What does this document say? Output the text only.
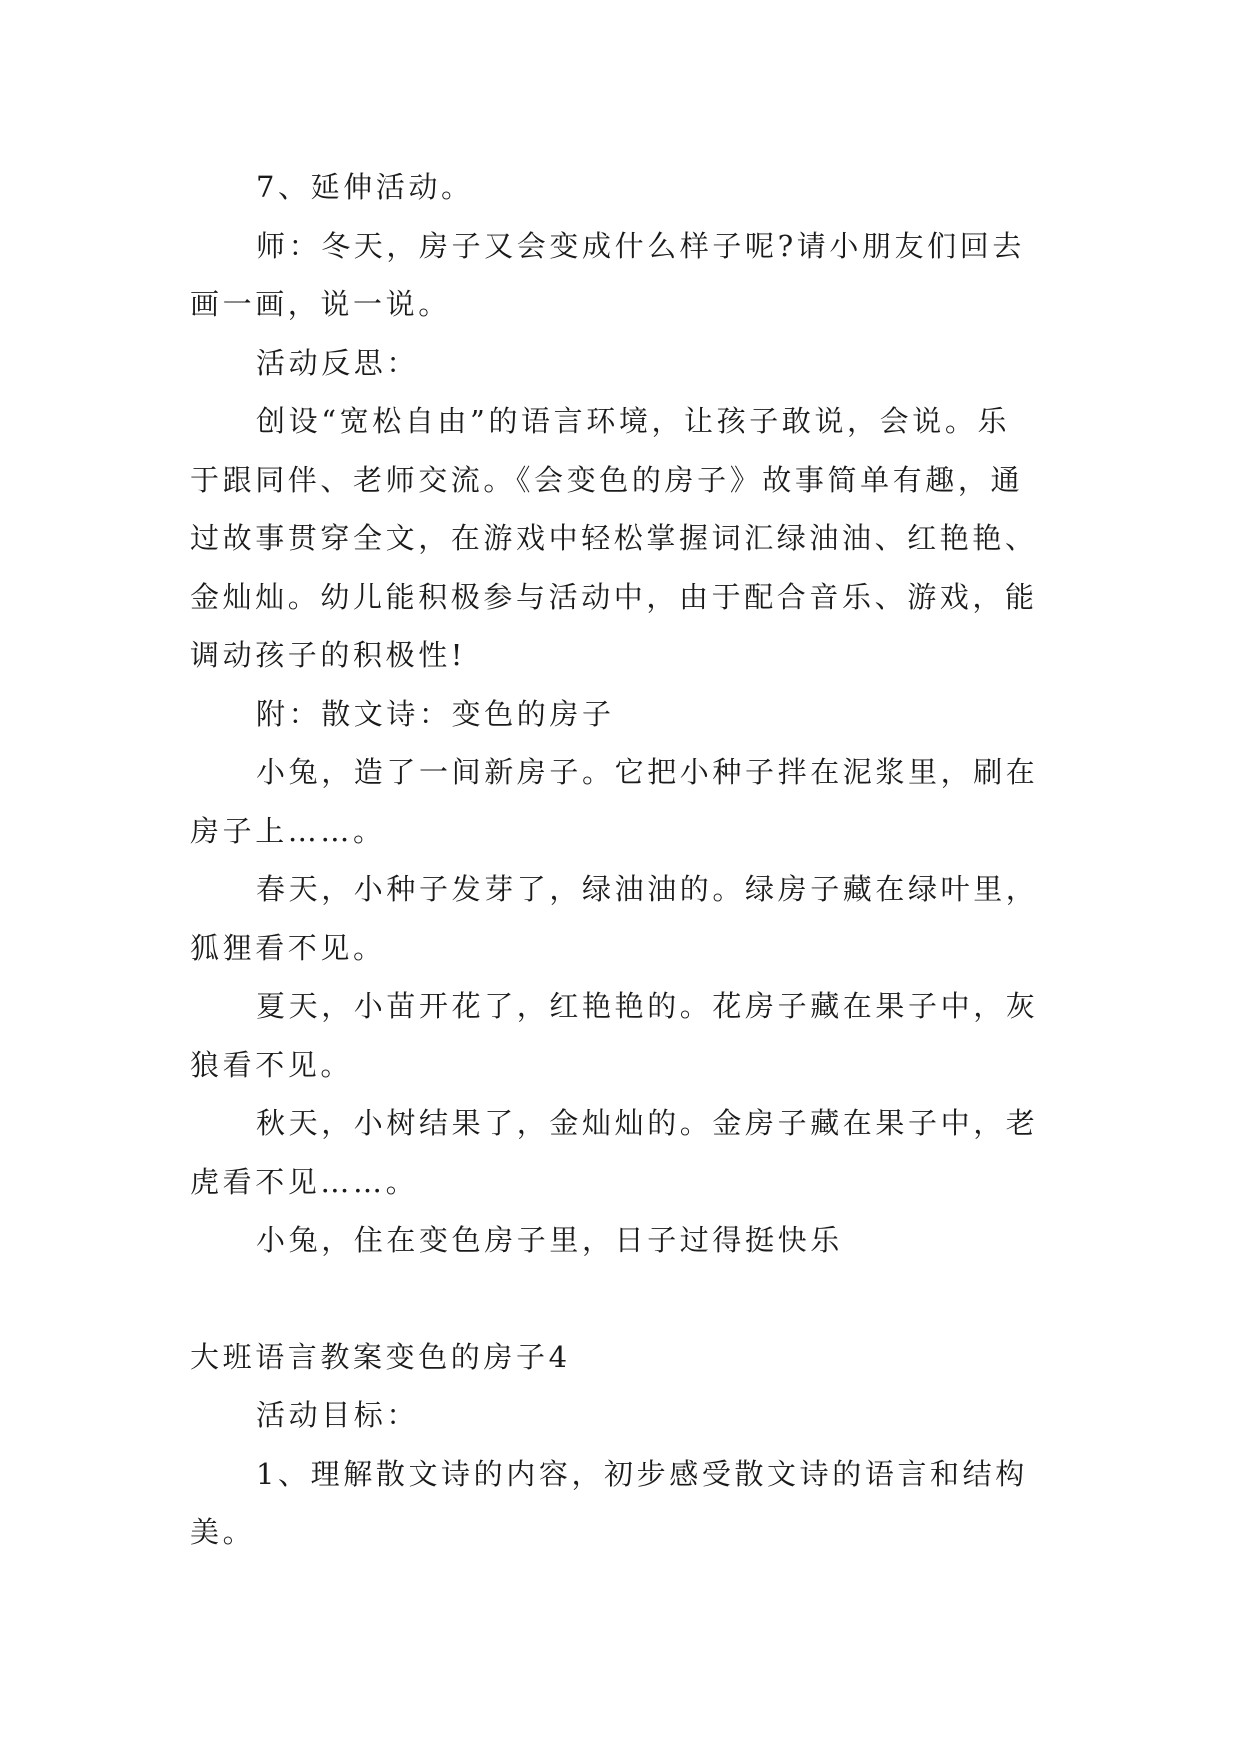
7、延伸活动。

师：冬天，房子又会变成什么样子呢?请小朋友们回去
画一画，说一说。

活动反思：

创设“宽松自由”的语言环境，让孩子敢说，会说。乐
于跟同伴、老师交流。《会变色的房子》故事简单有趣，通
过故事贯穿全文，在游戏中轻松掌握词汇绿油油、红艳艳、
金灿灿。幼儿能积极参与活动中，由于配合音乐、游戏，能
调动孩子的积极性!

附：散文诗：变色的房子

小兔，造了一间新房子。它把小种子拌在泥浆里，刷在
房子上……。

春天，小种子发芽了，绿油油的。绿房子藏在绿叶里，
狐狸看不见。

夏天，小苗开花了，红艳艳的。花房子藏在果子中，灰
狼看不见。

秋天，小树结果了，金灿灿的。金房子藏在果子中，老
虎看不见……。

小兔，住在变色房子里，日子过得挺快乐

大班语言教案变色的房子4

活动目标：

1、理解散文诗的内容，初步感受散文诗的语言和结构
美。
